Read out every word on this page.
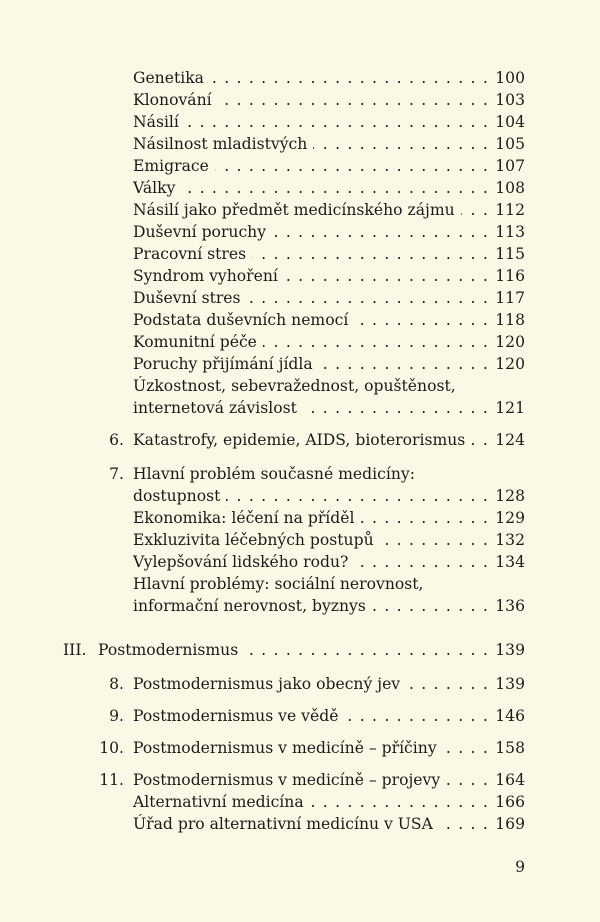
Genetika . . .	100
Klonování . . .	103
Násilí . . .	104
Násilnost mladistvých . . .	105
Emigrace . . .	107
Války . . .	108
Násilí jako předmět medicínského zájmu . . .	112
Duševní poruchy . . .	113
Pracovní stres . . .	115
Syndrom vyhoření . . .	116
Duševní stres . . .	117
Podstata duševních nemocí . . .	118
Komunitní péče . . .	120
Poruchy přijímání jídla . . .	120
Úzkostnost, sebevražednost, opuštěnost,
internetová závislost . . .	121
6. Katastrofy, epidemie, AIDS, bioterorismus . . . 124
7. Hlavní problém současné medicíny:
dostupnost . . .	128
Ekonomika: léčení na příděl . . .	129
Exkluzivita léčebných postupů . . .	132
Vylepšování lidského rodu? . . .	134
Hlavní problémy: sociální nerovnost,
informační nerovnost, byznys . . .	136
III. Postmodernismus . . .	139
8. Postmodernismus jako obecný jev . . .	139
9. Postmodernismus ve vědě . . .	146
10. Postmodernismus v medicíně – příčiny . . .	158
11. Postmodernismus v medicíně – projevy . . .	164
Alternativní medicína . . .	166
Úřad pro alternativní medicínu v USA . . .	169
9
